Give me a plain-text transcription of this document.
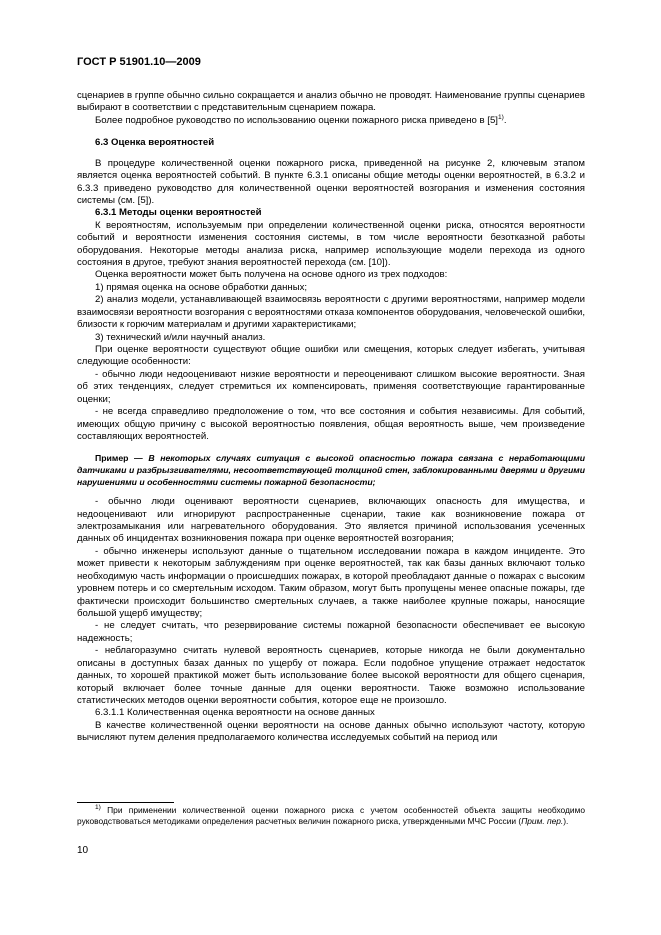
ГОСТ Р 51901.10—2009

сценариев в группе обычно сильно сокращается и анализ обычно не проводят. Наименование группы сценариев выбирают в соответствии с представительным сценарием пожара.

Более подробное руководство по использованию оценки пожарного риска приведено в $[5]^{1)}$.

6.3 Оценка вероятностей

В процедуре количественной оценки пожарного риска, приведенной на рисунке 2, ключевым этапом является оценка вероятностей событий. В пункте 6.3.1 описаны общие методы оценки вероятностей, в 6.3.2 и 6.3.3 приведено руководство для количественной оценки вероятностей возгорания и изменения состояния системы (см. [5]).

6.3.1 Методы оценки вероятностей

К вероятностям, используемым при определении количественной оценки риска, относятся вероятности событий и вероятности изменения состояния системы, в том числе вероятности безотказной работы оборудования. Некоторые методы анализа риска, например использующие модели перехода из одного состояния в другое, требуют знания вероятностей перехода (см. [10]).

Оценка вероятности может быть получена на основе одного из трех подходов:

1) прямая оценка на основе обработки данных;

2) анализ модели, устанавливающей взаимосвязь вероятности с другими вероятностями, например модели взаимосвязи вероятности возгорания с вероятностями отказа компонентов оборудования, человеческой ошибки, близости к горючим материалам и другими характеристиками;

3) технический и/или научный анализ.

При оценке вероятности существуют общие ошибки или смещения, которых следует избегать, учитывая следующие особенности:

- обычно люди недооценивают низкие вероятности и переоценивают слишком высокие вероятности. Зная об этих тенденциях, следует стремиться их компенсировать, применяя соответствующие гарантированные оценки;

- не всегда справедливо предположение о том, что все состояния и события независимы. Для событий, имеющих общую причину с высокой вероятностью появления, общая вероятность выше, чем произведение составляющих вероятностей.

Пример — В некоторых случаях ситуация с высокой опасностью пожара связана с неработающими датчиками и разбрызгивателями, несоответствующей толщиной стен, заблокированными дверями и другими нарушениями и особенностями системы пожарной безопасности;

- обычно люди оценивают вероятности сценариев, включающих опасность для имущества, и недооценивают или игнорируют распространенные сценарии, такие как возникновение пожара от электрозамыкания или нагревательного оборудования. Это является причиной использования усеченных данных об инцидентах возникновения пожара при оценке вероятностей возгорания;

- обычно инженеры используют данные о тщательном исследовании пожара в каждом инциденте. Это может привести к некоторым заблуждениям при оценке вероятностей, так как базы данных включают только необходимую часть информации о происшедших пожарах, в которой преобладают данные о пожарах с высоким уровнем потерь и со смертельным исходом. Таким образом, могут быть пропущены менее опасные пожары, где фактически происходит большинство смертельных случаев, а также наиболее крупные пожары, наносящие большой ущерб имуществу;

- не следует считать, что резервирование системы пожарной безопасности обеспечивает ее высокую надежность;

- неблагоразумно считать нулевой вероятность сценариев, которые никогда не были документально описаны в доступных базах данных по ущербу от пожара. Если подобное упущение отражает недостаток данных, то хорошей практикой может быть использование более высокой вероятности для общего сценария, который включает более точные данные для оценки вероятности. Также возможно использование статистических методов оценки вероятности события, которое еще не произошло.

6.3.1.1 Количественная оценка вероятности на основе данных

В качестве количественной оценки вероятности на основе данных обычно используют частоту, которую вычисляют путем деления предполагаемого количества исследуемых событий на период или

$^{1)}$ При применении количественной оценки пожарного риска с учетом особенностей объекта защиты необходимо руководствоваться методиками определения расчетных величин пожарного риска, утвержденными МЧС России (Прим. пер.).
10
